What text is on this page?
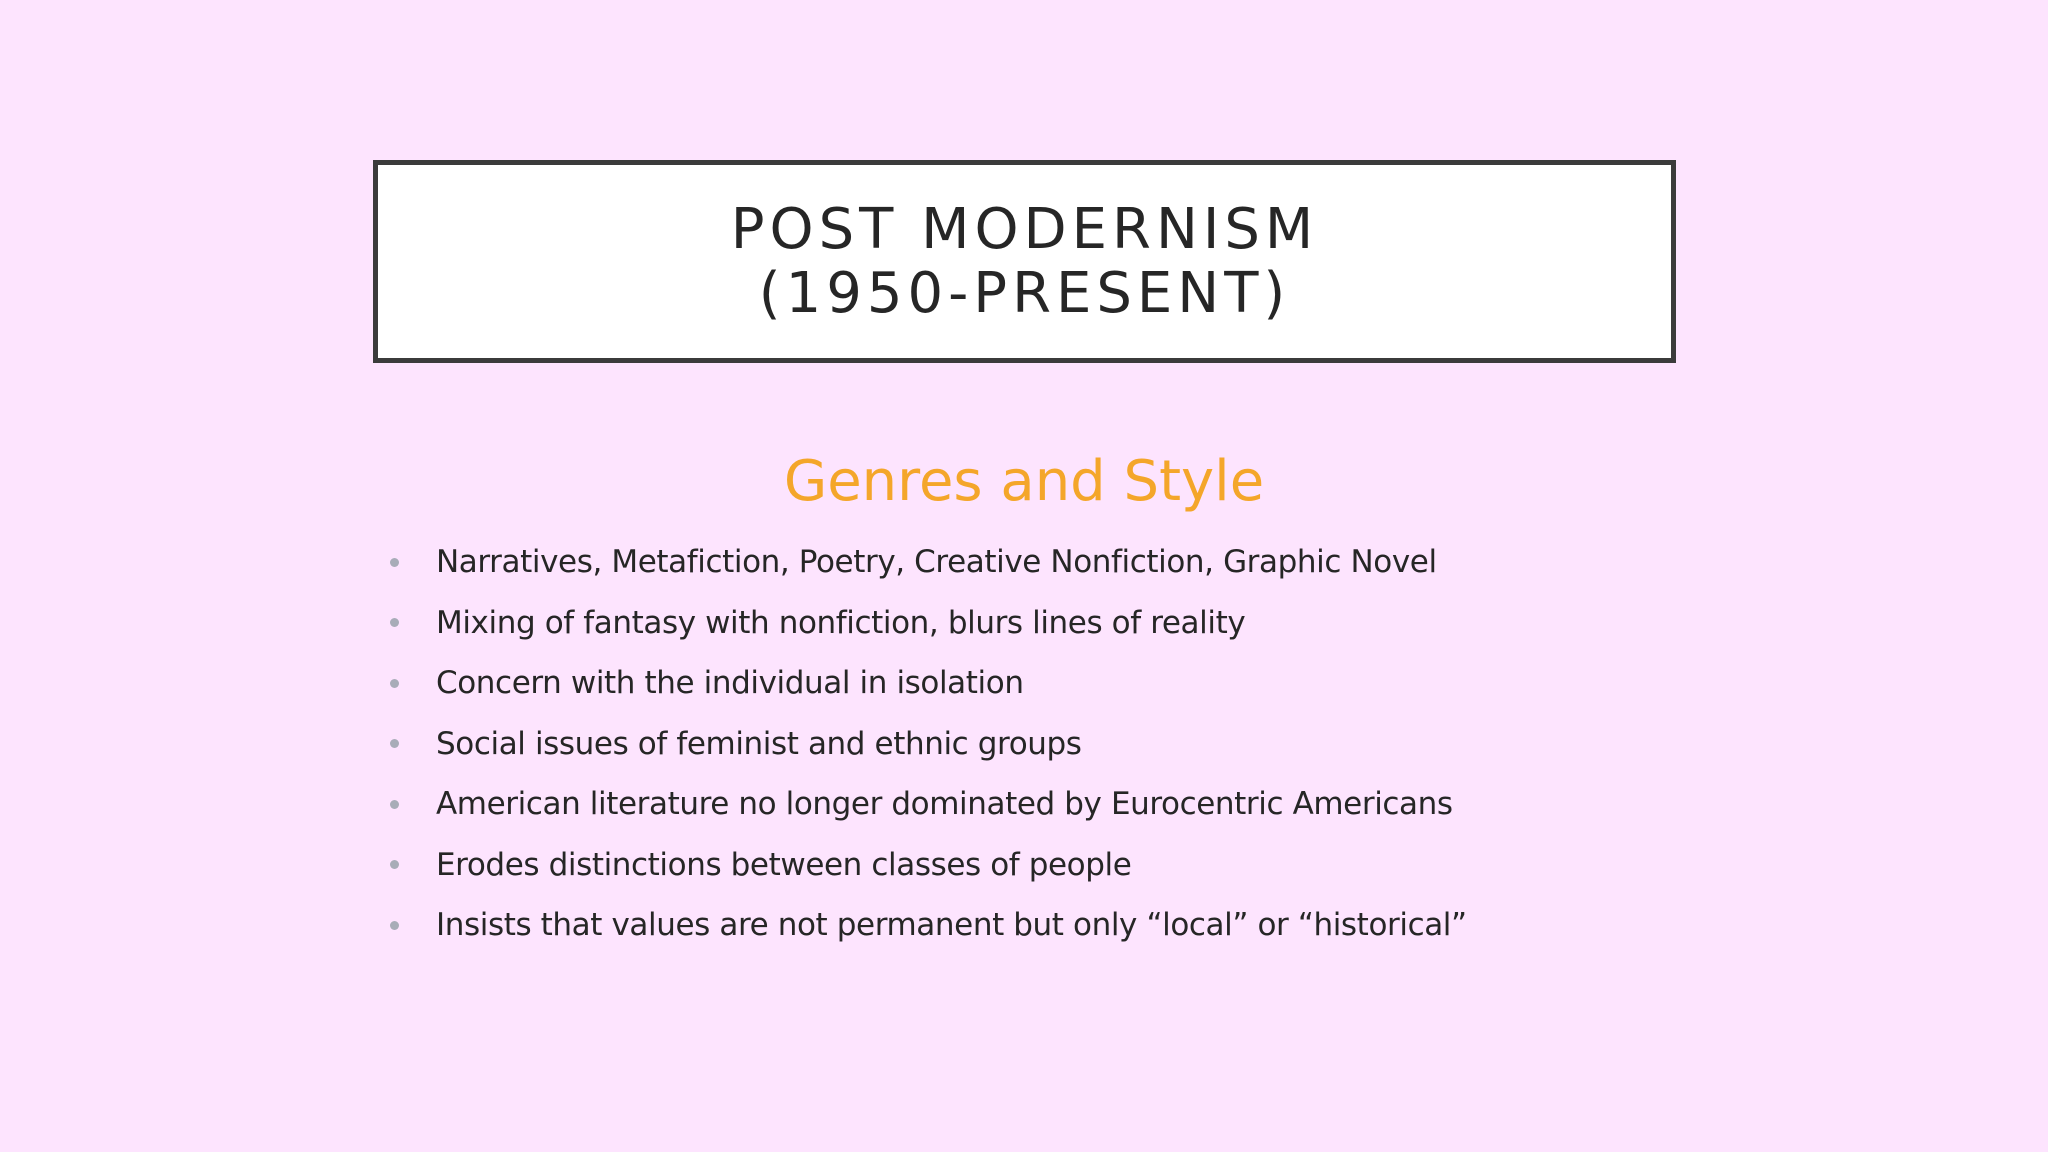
POST MODERNISM
(1950-PRESENT)
Genres and Style
Narratives, Metafiction, Poetry, Creative Nonfiction, Graphic Novel
Mixing of fantasy with nonfiction, blurs lines of reality
Concern with the individual in isolation
Social issues of feminist and ethnic groups
American literature no longer dominated by Eurocentric Americans
Erodes distinctions between classes of people
Insists that values are not permanent but only “local” or “historical”
